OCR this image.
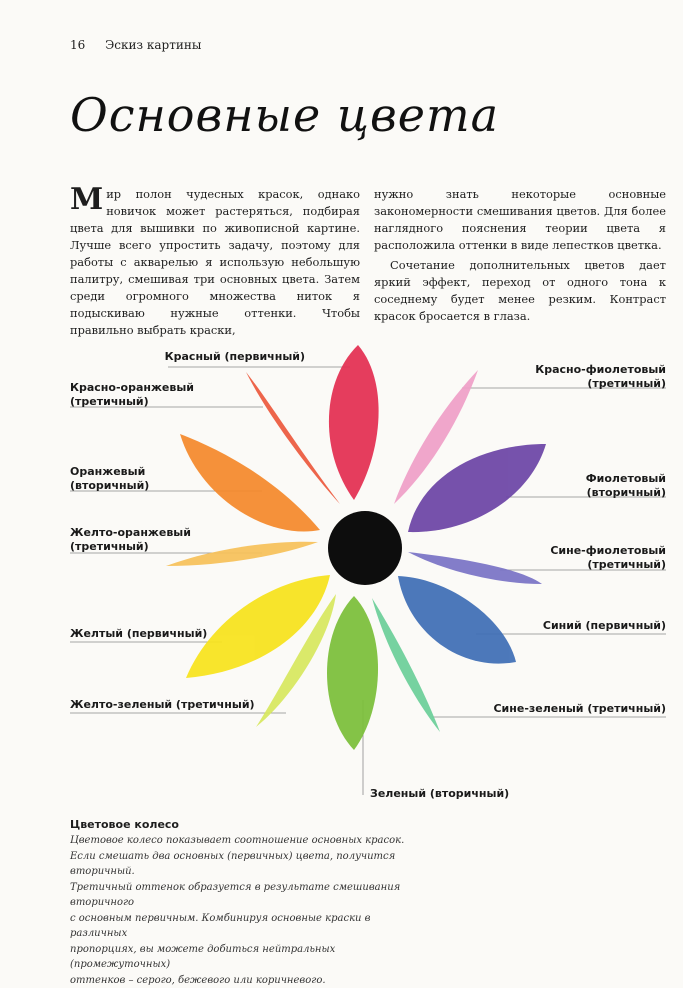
16 Эскиз картины
Основные цвета

Мир полон чудесных красок, однако новичок может растеряться, подбирая цвета для вышивки по живописной картине. Лучше всего упростить задачу, поэтому для работы с акварелью я использую небольшую палитру, смешивая три основных цвета. Затем среди огромного множества ниток я подыскиваю нужные оттенки. Чтобы правильно выбрать краски,

нужно знать некоторые основные закономерности смешивания цветов. Для более наглядного пояснения теории цвета я расположила оттенки в виде лепестков цветка.

Сочетание дополнительных цветов дает яркий эффект, переход от одного тона к соседнему будет менее резким. Контраст красок бросается в глаза.

Красный (первичный)
Красно-оранжевый
(третичный)
Оранжевый
(вторичный)
Желто-оранжевый
(третичный)
Желтый (первичный)
Желто-зеленый (третичный)
Зеленый (вторичный)
Красно-фиолетовый
(третичный)
Фиолетовый
(вторичный)
Сине-фиолетовый
(третичный)
Синий (первичный)
Сине-зеленый (третичный)
Цветовое колесо
Цветовое колесо показывает соотношение основных красок.
Если смешать два основных (первичных) цвета, получится вторичный.
Третичный оттенок образуется в результате смешивания вторичного
с основным первичным. Комбинируя основные краски в различных
пропорциях, вы можете добиться нейтральных (промежуточных)
оттенков – серого, бежевого или коричневого.
